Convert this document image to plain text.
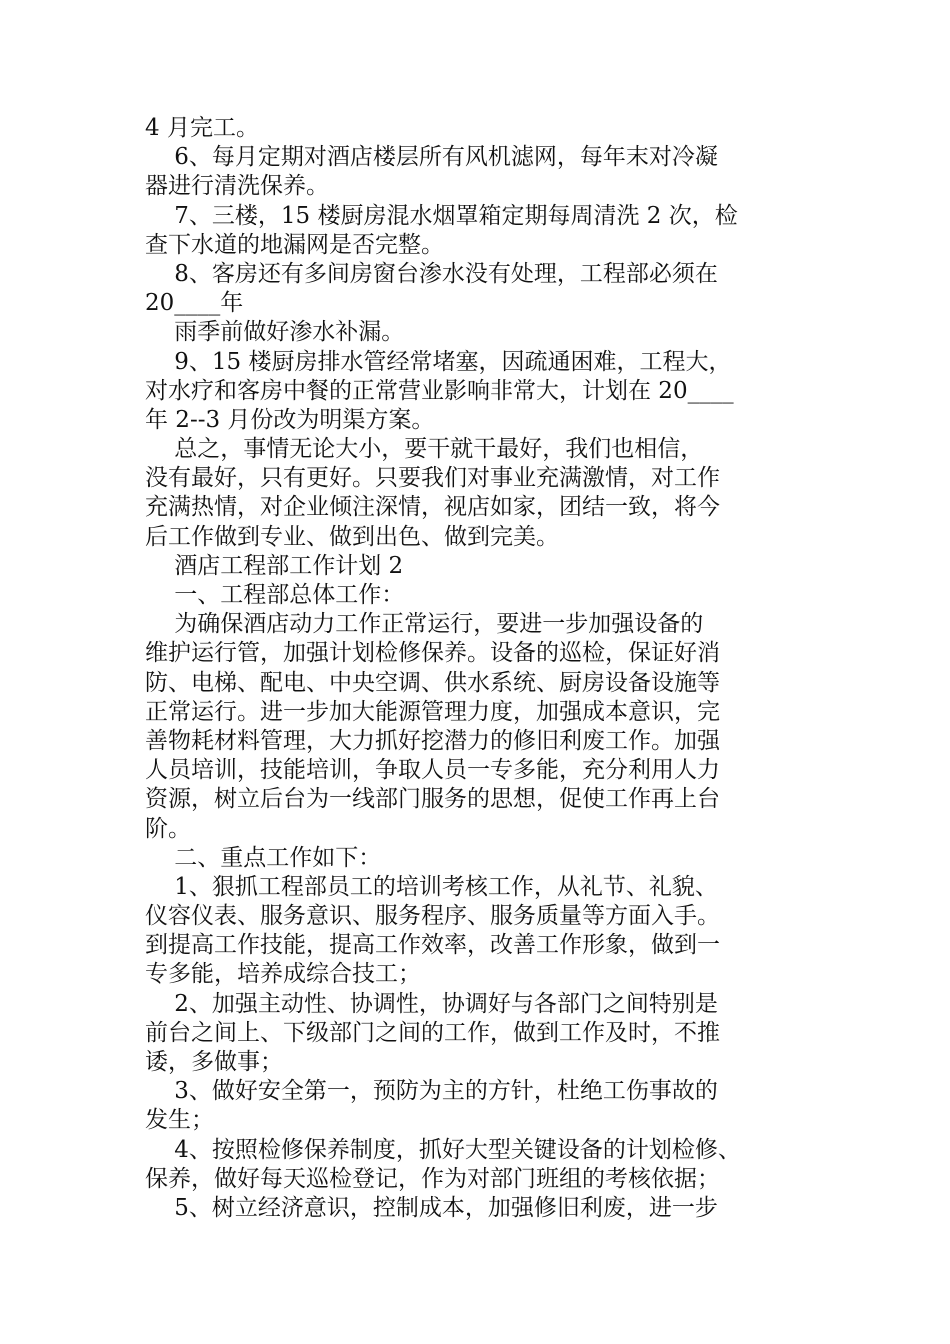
4 月完工。
6、每月定期对酒店楼层所有风机滤网，每年末对冷凝
器进行清洗保养。
7、三楼，15 楼厨房混水烟罩箱定期每周清洗 2 次，检
查下水道的地漏网是否完整。
8、客房还有多间房窗台渗水没有处理，工程部必须在
20____年
雨季前做好渗水补漏。
9、15 楼厨房排水管经常堵塞，因疏通困难，工程大，
对水疗和客房中餐的正常营业影响非常大，计划在 20____
年 2--3 月份改为明渠方案。
总之，事情无论大小，要干就干最好，我们也相信，
没有最好，只有更好。只要我们对事业充满激情，对工作
充满热情，对企业倾注深情，视店如家，团结一致，将今
后工作做到专业、做到出色、做到完美。
酒店工程部工作计划 2
一、工程部总体工作：
为确保酒店动力工作正常运行，要进一步加强设备的
维护运行管，加强计划检修保养。设备的巡检，保证好消
防、电梯、配电、中央空调、供水系统、厨房设备设施等
正常运行。进一步加大能源管理力度，加强成本意识，完
善物耗材料管理，大力抓好挖潜力的修旧利废工作。加强
人员培训，技能培训，争取人员一专多能，充分利用人力
资源，树立后台为一线部门服务的思想，促使工作再上台
阶。
二、重点工作如下：
1、狠抓工程部员工的培训考核工作，从礼节、礼貌、
仪容仪表、服务意识、服务程序、服务质量等方面入手。
到提高工作技能，提高工作效率，改善工作形象，做到一
专多能，培养成综合技工；
2、加强主动性、协调性，协调好与各部门之间特别是
前台之间上、下级部门之间的工作，做到工作及时，不推
诿，多做事；
3、做好安全第一，预防为主的方针，杜绝工伤事故的
发生；
4、按照检修保养制度，抓好大型关键设备的计划检修、
保养，做好每天巡检登记，作为对部门班组的考核依据；
5、树立经济意识，控制成本，加强修旧利废，进一步
